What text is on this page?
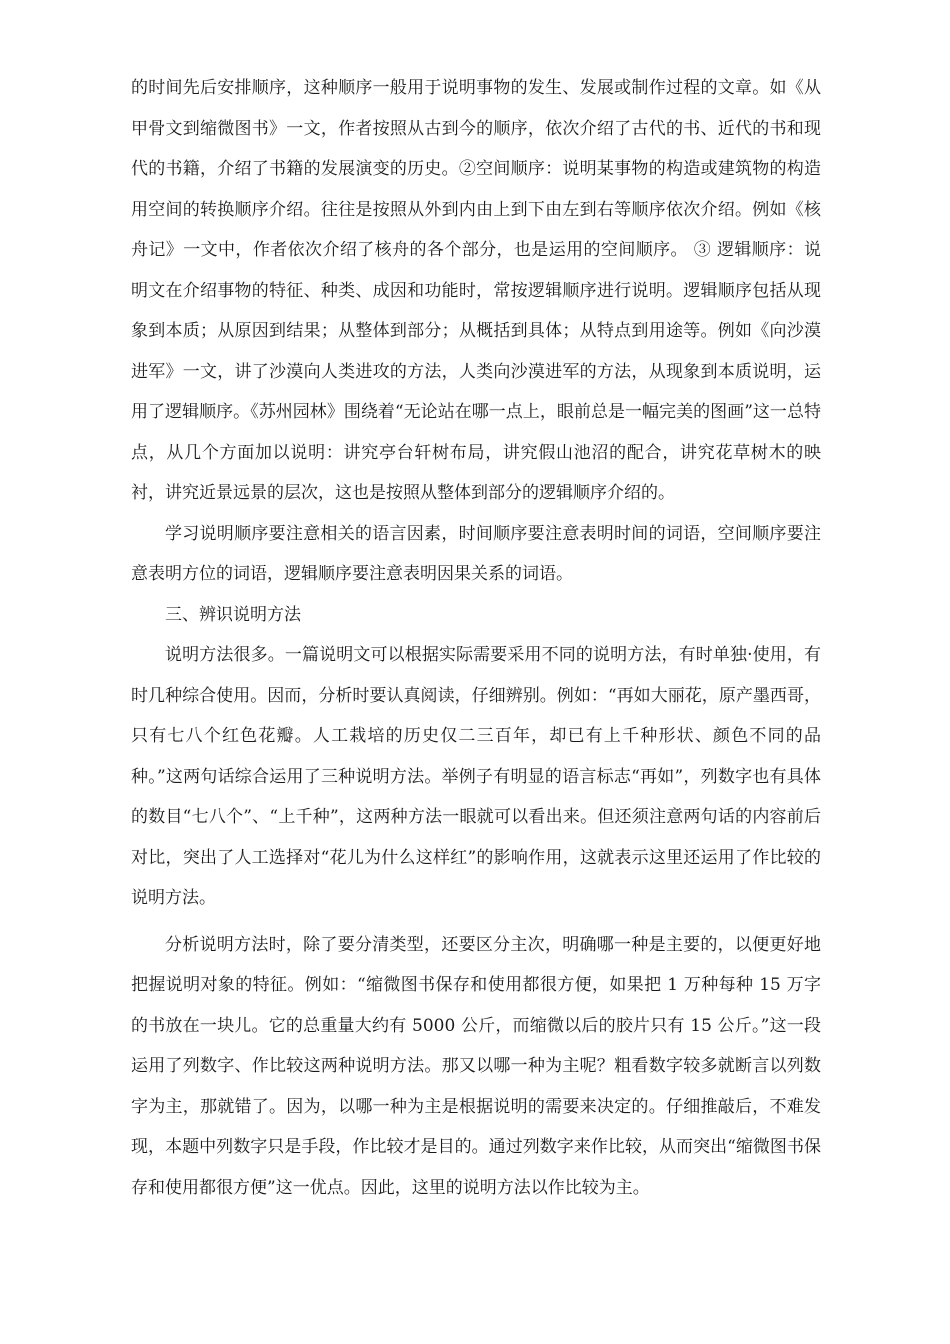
的时间先后安排顺序，这种顺序一般用于说明事物的发生、发展或制作过程的文章。如《从甲骨文到缩微图书》一文，作者按照从古到今的顺序，依次介绍了古代的书、近代的书和现代的书籍，介绍了书籍的发展演变的历史。②空间顺序：说明某事物的构造或建筑物的构造用空间的转换顺序介绍。往往是按照从外到内由上到下由左到右等顺序依次介绍。例如《核舟记》一文中，作者依次介绍了核舟的各个部分，也是运用的空间顺序。 ③ 逻辑顺序：说明文在介绍事物的特征、种类、成因和功能时，常按逻辑顺序进行说明。逻辑顺序包括从现象到本质；从原因到结果；从整体到部分；从概括到具体；从特点到用途等。例如《向沙漠进军》一文，讲了沙漠向人类进攻的方法，人类向沙漠进军的方法，从现象到本质说明，运用了逻辑顺序。《苏州园林》围绕着“无论站在哪一点上，眼前总是一幅完美的图画”这一总特点，从几个方面加以说明：讲究亭台轩树布局，讲究假山池沼的配合，讲究花草树木的映衬，讲究近景远景的层次，这也是按照从整体到部分的逻辑顺序介绍的。

学习说明顺序要注意相关的语言因素，时间顺序要注意表明时间的词语，空间顺序要注意表明方位的词语，逻辑顺序要注意表明因果关系的词语。

三、辨识说明方法

说明方法很多。一篇说明文可以根据实际需要采用不同的说明方法，有时单独·使用，有时几种综合使用。因而，分析时要认真阅读，仔细辨别。例如：“再如大丽花，原产墨西哥，只有七八个红色花瓣。人工栽培的历史仅二三百年，却已有上千种形状、颜色不同的品种。”这两句话综合运用了三种说明方法。举例子有明显的语言标志“再如”，列数字也有具体的数目“七八个”、“上千种”，这两种方法一眼就可以看出来。但还须注意两句话的内容前后对比，突出了人工选择对“花儿为什么这样红”的影响作用，这就表示这里还运用了作比较的说明方法。

分析说明方法时，除了要分清类型，还要区分主次，明确哪一种是主要的，以便更好地把握说明对象的特征。例如：“缩微图书保存和使用都很方便，如果把 1 万种每种 15 万字的书放在一块儿。它的总重量大约有 5000 公斤，而缩微以后的胶片只有 15 公斤。”这一段运用了列数字、作比较这两种说明方法。那又以哪一种为主呢？粗看数字较多就断言以列数字为主，那就错了。因为，以哪一种为主是根据说明的需要来决定的。仔细推敲后，不难发现，本题中列数字只是手段，作比较才是目的。通过列数字来作比较，从而突出“缩微图书保存和使用都很方便”这一优点。因此，这里的说明方法以作比较为主。
